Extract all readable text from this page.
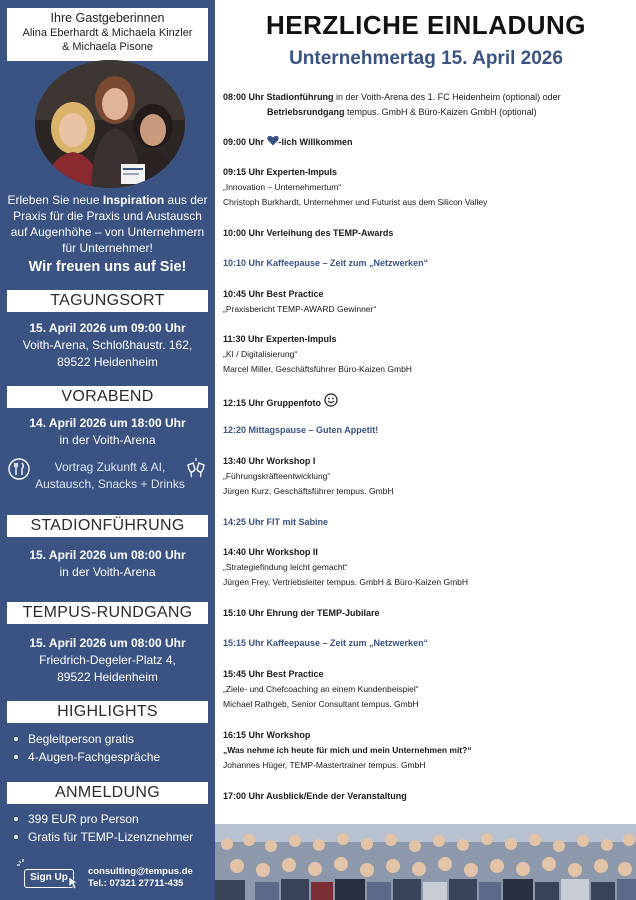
Ihre Gastgeberinnen
Alina Eberhardt & Michaela Kinzler
& Michaela Pisone
Erleben Sie neue Inspiration aus der Praxis für die Praxis und Austausch auf Augenhöhe – von Unternehmern für Unternehmer!
Wir freuen uns auf Sie!
TAGUNGSORT
15. April 2026 um 09:00 Uhr
Voith-Arena, Schloßhaustr. 162,
89522 Heidenheim
VORABEND
14. April 2026 um 18:00 Uhr
in der Voith-Arena
Vortrag Zukunft & AI,
Austausch, Snacks + Drinks
STADIONFÜHRUNG
15. April 2026 um 08:00 Uhr
in der Voith-Arena
TEMPUS-RUNDGANG
15. April 2026 um 08:00 Uhr
Friedrich-Degeler-Platz 4,
89522 Heidenheim
HIGHLIGHTS
Begleitperson gratis
4-Augen-Fachgespräche
ANMELDUNG
399 EUR pro Person
Gratis für TEMP-Lizenznehmer
Sign Up
consulting@tempus.de
Tel.: 07321 27711-435
HERZLICHE EINLADUNG
Unternehmertag 15. April 2026
08:00 Uhr Stadionführung in der Voith-Arena des 1. FC Heidenheim (optional) oder
Betriebsrundgang tempus. GmbH & Büro-Kaizen GmbH (optional)
09:00 Uhr -lich Willkommen
09:15 Uhr Experten-Impuls
„Innovation – Unternehmertum“
Christoph Burkhardt, Unternehmer und Futurist aus dem Silicon Valley
10:00 Uhr Verleihung des TEMP-Awards
10:10 Uhr Kaffeepause – Zeit zum „Netzwerken“
10:45 Uhr Best Practice
„Praxisbericht TEMP-AWARD Gewinner“
11:30 Uhr Experten-Impuls
„KI / Digitalisierung“
Marcel Miller, Geschäftsführer Büro-Kaizen GmbH
12:15 Uhr Gruppenfoto
12:20 Mittagspause – Guten Appetit!
13:40 Uhr Workshop I
„Führungskräfteentwicklung“
Jürgen Kurz, Geschäftsführer tempus. GmbH
14:25 Uhr FIT mit Sabine
14:40 Uhr Workshop II
„Strategiefindung leicht gemacht“
Jürgen Frey, Vertriebsleiter tempus. GmbH & Büro-Kaizen GmbH
15:10 Uhr Ehrung der TEMP-Jubilare
15:15 Uhr Kaffeepause – Zeit zum „Netzwerken“
15:45 Uhr Best Practice
„Ziele- und Chefcoaching an einem Kundenbeispiel“
Michael Rathgeb, Senior Consultant tempus. GmbH
16:15 Uhr Workshop
„Was nehme ich heute für mich und mein Unternehmen mit?“
Johannes Hüger, TEMP-Mastertrainer tempus. GmbH
17:00 Uhr Ausblick/Ende der Veranstaltung
